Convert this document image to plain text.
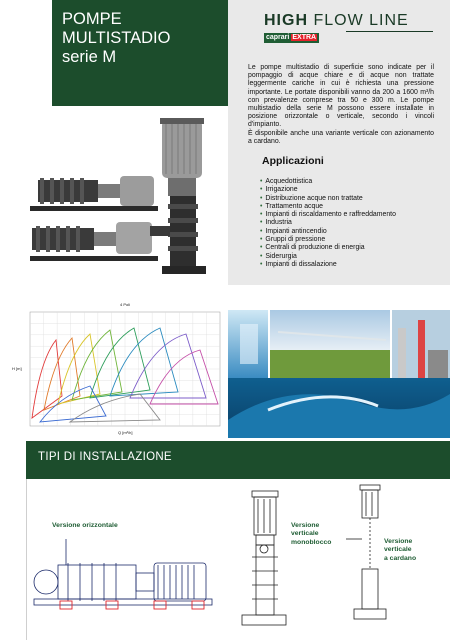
POMPE
MULTISTADIO
serie M
HIGH FLOW LINE
caprari EXTRA

Le pompe multistadio di superficie sono indicate per il pompaggio di acque chiare e di acque non trattate leggermente cariche in cui è richiesta una pressione importante. Le portate disponibili vanno da 200 a 1600 m³/h con prevalenze comprese tra 50 e 300 m. Le pompe multistadio della serie M possono essere installate in posizione orizzontale o verticale, secondo i vincoli d'impianto.

È disponibile anche una variante verticale con azionamento a cardano.

Applicazioni
• Acquedottistica
• Irrigazione
• Distribuzione acque non trattate
• Trattamento acque
• Impianti di riscaldamento e raffreddamento
• Industria
• Impianti antincendio
• Gruppi di pressione
• Centrali di produzione di energia
• Siderurgia
• Impianti di dissalazione
4 Poli
H [m]
Q [m³/h]
TIPI DI INSTALLAZIONE
Versione orizzontale	Versione
verticale
monoblocco	Versione
verticale
a cardano
